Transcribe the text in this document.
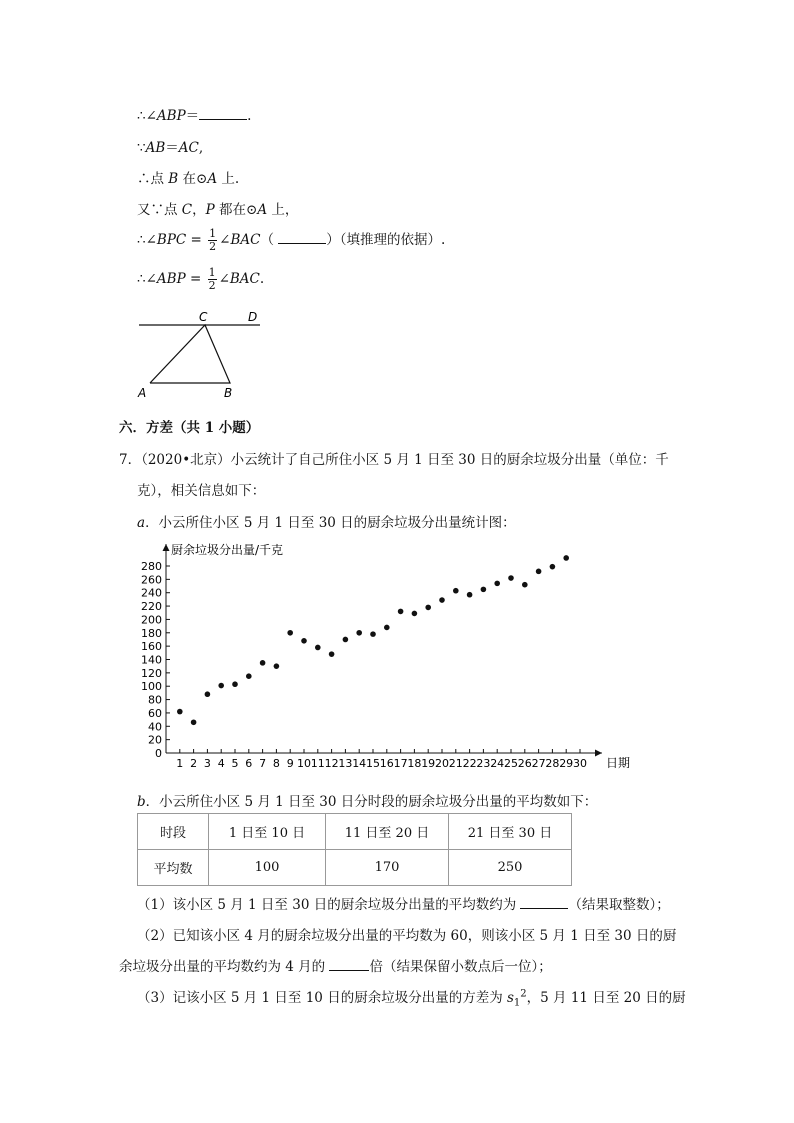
∴∠ABP＝	.
∵AB＝AC,
∴点 B 在⊙A 上.
又∵点 C，P 都在⊙A 上，
∴∠BPC = $\frac{1}{2}$ ∠BAC（	）（填推理的依据）.
∴∠ABP = $\frac{1}{2}$ ∠BAC.
C	D
A	B
六．方差（共 1 小题）
7．（2020•北京）小云统计了自己所住小区 5 月 1 日至 30 日的厨余垃圾分出量（单位：千
克），相关信息如下：
a．小云所住小区 5 月 1 日至 30 日的厨余垃圾分出量统计图：
0
20
40
60
80
100
120
140
160
180
200
220
240
260
280
1 2 3 4 5 6 7 8 9 10 11 12 13 14 15 16 17 18 19 20 21 22 23 24 25 26 27 28 29 30
厨余垃圾分出量/千克
日期
b．小云所住小区 5 月 1 日至 30 日分时段的厨余垃圾分出量的平均数如下：
时段	1 日至 10 日	11 日至 20 日	21 日至 30 日
平均数	100	170	250
（1）该小区 5 月 1 日至 30 日的厨余垃圾分出量的平均数约为	（结果取整数）；
（2）已知该小区 4 月的厨余垃圾分出量的平均数为 60，则该小区 5 月 1 日至 30 日的厨
余垃圾分出量的平均数约为 4 月的	倍（结果保留小数点后一位）；
（3）记该小区 5 月 1 日至 10 日的厨余垃圾分出量的方差为 $s_1^2$，5 月 11 日至 20 日的厨
